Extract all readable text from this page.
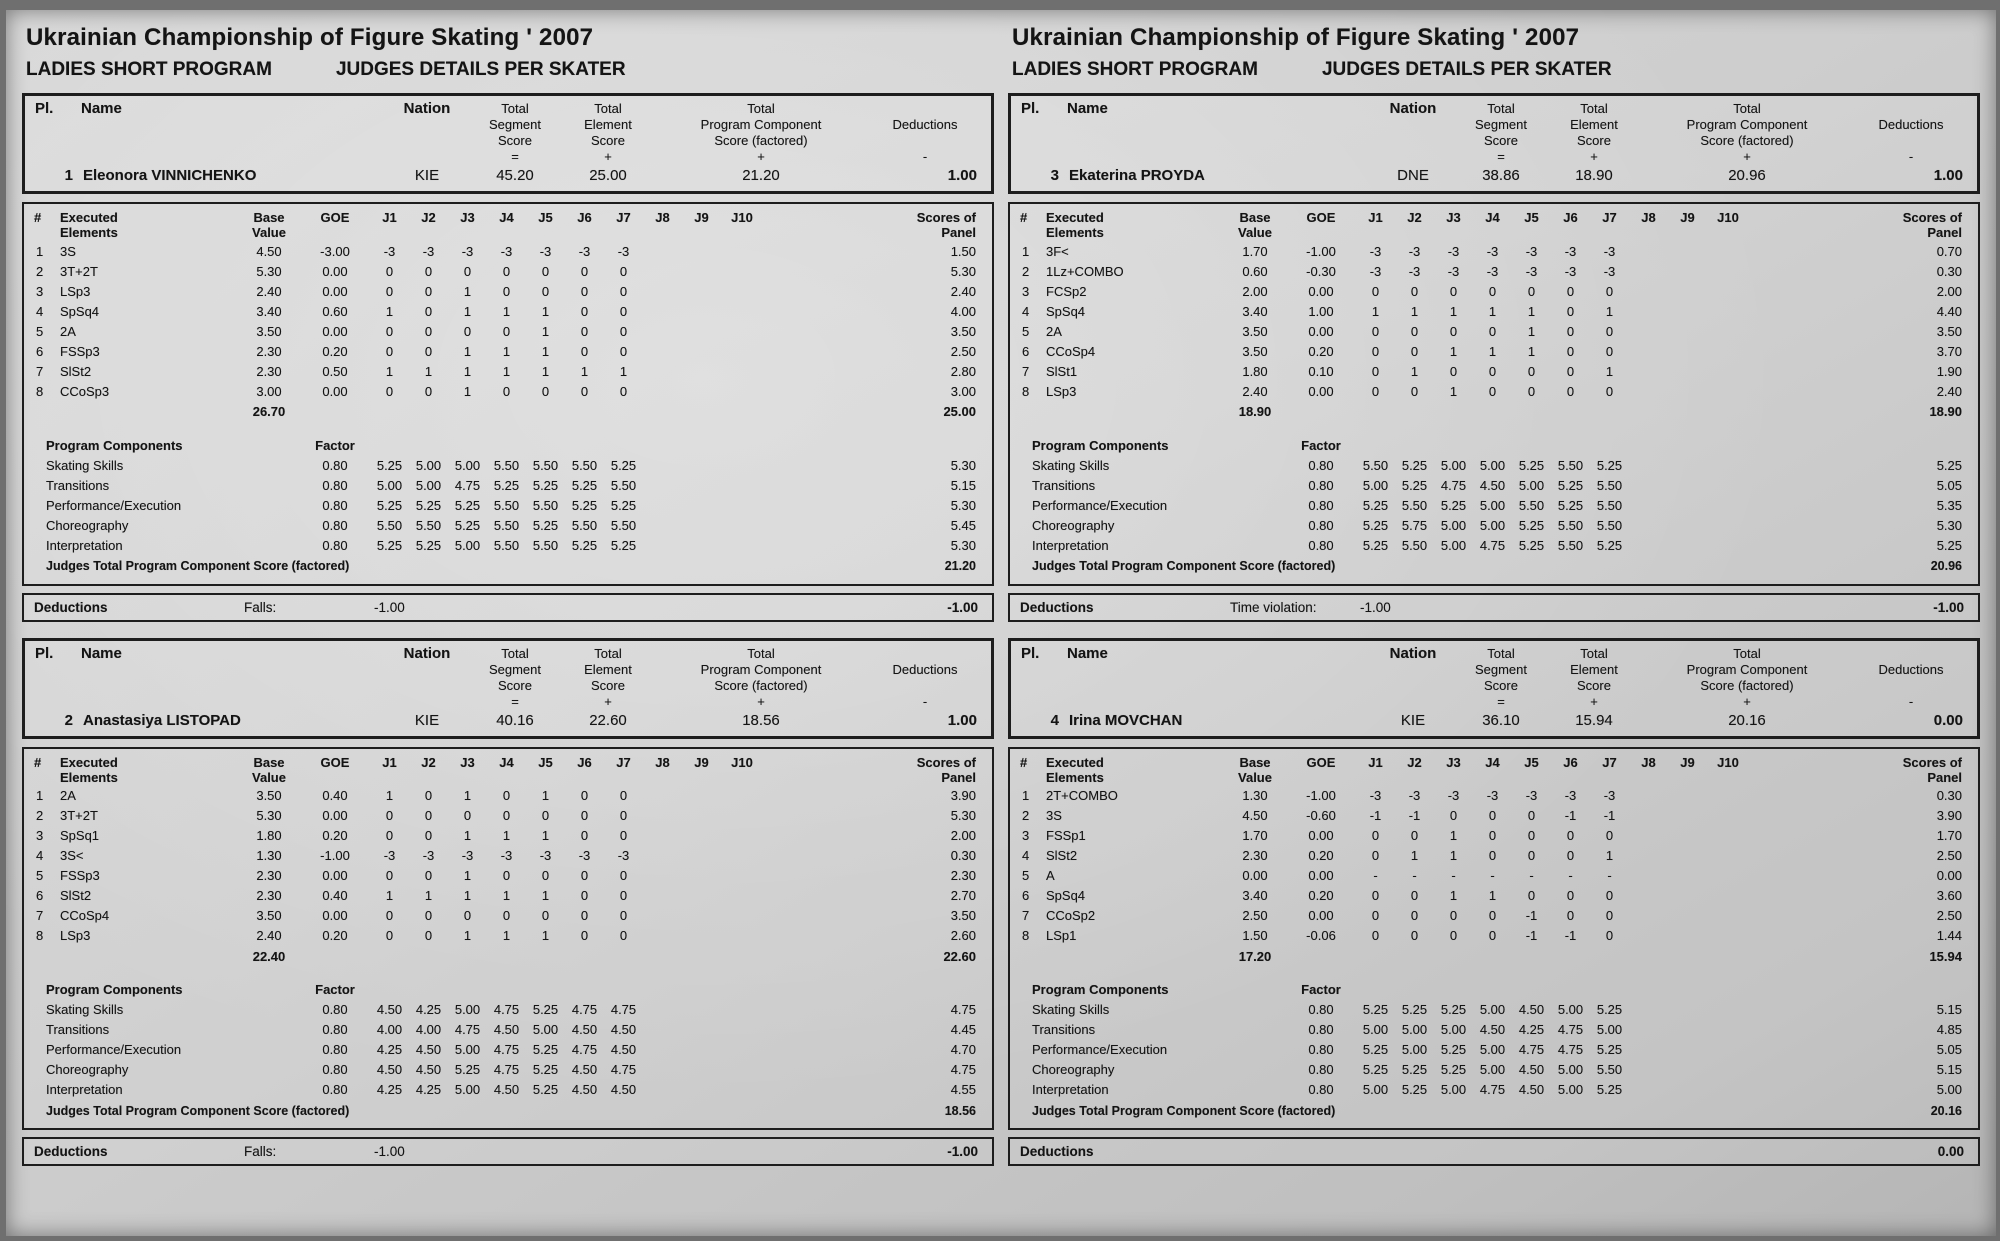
Ukrainian Championship of Figure Skating ' 2007
LADIES SHORT PROGRAM	JUDGES DETAILS PER SKATER
Ukrainian Championship of Figure Skating ' 2007
LADIES SHORT PROGRAM	JUDGES DETAILS PER SKATER
Pl.	Name	Nation	Total
Segment
Score
=
Total
Element
Score
+
Total
Program Component
Score (factored)
+
Deductions
-
1 Eleonora VINNICHENKO	KIE	45.20	25.00	21.20	1.00
#	Executed
Elements	Base
Value	GOE	J1	J2	J3	J4	J5	J6	J7	J8	J9	J10	Scores of
Panel

1	3S	4.50	-3.00	-3	-3	-3	-3	-3	-3	-3				1.50
2	3T+2T	5.30	0.00	0	0	0	0	0	0	0				5.30
3	LSp3	2.40	0.00	0	0	1	0	0	0	0				2.40
4	SpSq4	3.40	0.60	1	0	1	1	1	0	0				4.00
5	2A	3.50	0.00	0	0	0	0	1	0	0				3.50
6	FSSp3	2.30	0.20	0	0	1	1	1	0	0				2.50
7	SlSt2	2.30	0.50	1	1	1	1	1	1	1				2.80
8	CCoSp3	3.00	0.00	0	0	1	0	0	0	0				3.00
		26.70												25.00

Program Components			Factor											
Skating Skills			0.80	5.25	5.00	5.00	5.50	5.50	5.50	5.25				5.30
Transitions			0.80	5.00	5.00	4.75	5.25	5.25	5.25	5.50				5.15
Performance/Execution			0.80	5.25	5.25	5.25	5.50	5.50	5.25	5.25				5.30
Choreography			0.80	5.50	5.50	5.25	5.50	5.25	5.50	5.50				5.45
Interpretation			0.80	5.25	5.25	5.00	5.50	5.50	5.25	5.25				5.30
Judges Total Program Component Score (factored)														21.20
Deductions	Falls:	-1.00	-1.00
Pl.	Name	Nation	Total
Segment
Score
=
Total
Element
Score
+
Total
Program Component
Score (factored)
+
Deductions
-
3 Ekaterina PROYDA	DNE	38.86	18.90	20.96	1.00
#	Executed
Elements	Base
Value	GOE	J1	J2	J3	J4	J5	J6	J7	J8	J9	J10	Scores of
Panel

1	3F<	1.70	-1.00	-3	-3	-3	-3	-3	-3	-3				0.70
2	1Lz+COMBO	0.60	-0.30	-3	-3	-3	-3	-3	-3	-3				0.30
3	FCSp2	2.00	0.00	0	0	0	0	0	0	0				2.00
4	SpSq4	3.40	1.00	1	1	1	1	1	0	1				4.40
5	2A	3.50	0.00	0	0	0	0	1	0	0				3.50
6	CCoSp4	3.50	0.20	0	0	1	1	1	0	0				3.70
7	SlSt1	1.80	0.10	0	1	0	0	0	0	1				1.90
8	LSp3	2.40	0.00	0	0	1	0	0	0	0				2.40
		18.90												18.90

Program Components			Factor											
Skating Skills			0.80	5.50	5.25	5.00	5.00	5.25	5.50	5.25				5.25
Transitions			0.80	5.00	5.25	4.75	4.50	5.00	5.25	5.50				5.05
Performance/Execution			0.80	5.25	5.50	5.25	5.00	5.50	5.25	5.50				5.35
Choreography			0.80	5.25	5.75	5.00	5.00	5.25	5.50	5.50				5.30
Interpretation			0.80	5.25	5.50	5.00	4.75	5.25	5.50	5.25				5.25
Judges Total Program Component Score (factored)														20.96
Deductions	Time violation:	-1.00	-1.00
Pl.	Name	Nation	Total
Segment
Score
=
Total
Element
Score
+
Total
Program Component
Score (factored)
+
Deductions
-
2 Anastasiya LISTOPAD	KIE	40.16	22.60	18.56	1.00
#	Executed
Elements	Base
Value	GOE	J1	J2	J3	J4	J5	J6	J7	J8	J9	J10	Scores of
Panel

1	2A	3.50	0.40	1	0	1	0	1	0	0				3.90
2	3T+2T	5.30	0.00	0	0	0	0	0	0	0				5.30
3	SpSq1	1.80	0.20	0	0	1	1	1	0	0				2.00
4	3S<	1.30	-1.00	-3	-3	-3	-3	-3	-3	-3				0.30
5	FSSp3	2.30	0.00	0	0	1	0	0	0	0				2.30
6	SlSt2	2.30	0.40	1	1	1	1	1	0	0				2.70
7	CCoSp4	3.50	0.00	0	0	0	0	0	0	0				3.50
8	LSp3	2.40	0.20	0	0	1	1	1	0	0				2.60
		22.40												22.60

Program Components			Factor											
Skating Skills			0.80	4.50	4.25	5.00	4.75	5.25	4.75	4.75				4.75
Transitions			0.80	4.00	4.00	4.75	4.50	5.00	4.50	4.50				4.45
Performance/Execution			0.80	4.25	4.50	5.00	4.75	5.25	4.75	4.50				4.70
Choreography			0.80	4.50	4.50	5.25	4.75	5.25	4.50	4.75				4.75
Interpretation			0.80	4.25	4.25	5.00	4.50	5.25	4.50	4.50				4.55
Judges Total Program Component Score (factored)														18.56
Deductions	Falls:	-1.00	-1.00
Pl.	Name	Nation	Total
Segment
Score
=
Total
Element
Score
+
Total
Program Component
Score (factored)
+
Deductions
-
4 Irina MOVCHAN	KIE	36.10	15.94	20.16	0.00
#	Executed
Elements	Base
Value	GOE	J1	J2	J3	J4	J5	J6	J7	J8	J9	J10	Scores of
Panel

1	2T+COMBO	1.30	-1.00	-3	-3	-3	-3	-3	-3	-3				0.30
2	3S	4.50	-0.60	-1	-1	0	0	0	-1	-1				3.90
3	FSSp1	1.70	0.00	0	0	1	0	0	0	0				1.70
4	SlSt2	2.30	0.20	0	1	1	0	0	0	1				2.50
5	A	0.00	0.00	-	-	-	-	-	-	-				0.00
6	SpSq4	3.40	0.20	0	0	1	1	0	0	0				3.60
7	CCoSp2	2.50	0.00	0	0	0	0	-1	0	0				2.50
8	LSp1	1.50	-0.06	0	0	0	0	-1	-1	0				1.44
		17.20												15.94

Program Components			Factor											
Skating Skills			0.80	5.25	5.25	5.25	5.00	4.50	5.00	5.25				5.15
Transitions			0.80	5.00	5.00	5.00	4.50	4.25	4.75	5.00				4.85
Performance/Execution			0.80	5.25	5.00	5.25	5.00	4.75	4.75	5.25				5.05
Choreography			0.80	5.25	5.25	5.25	5.00	4.50	5.00	5.50				5.15
Interpretation			0.80	5.00	5.25	5.00	4.75	4.50	5.00	5.25				5.00
Judges Total Program Component Score (factored)														20.16
Deductions	0.00
